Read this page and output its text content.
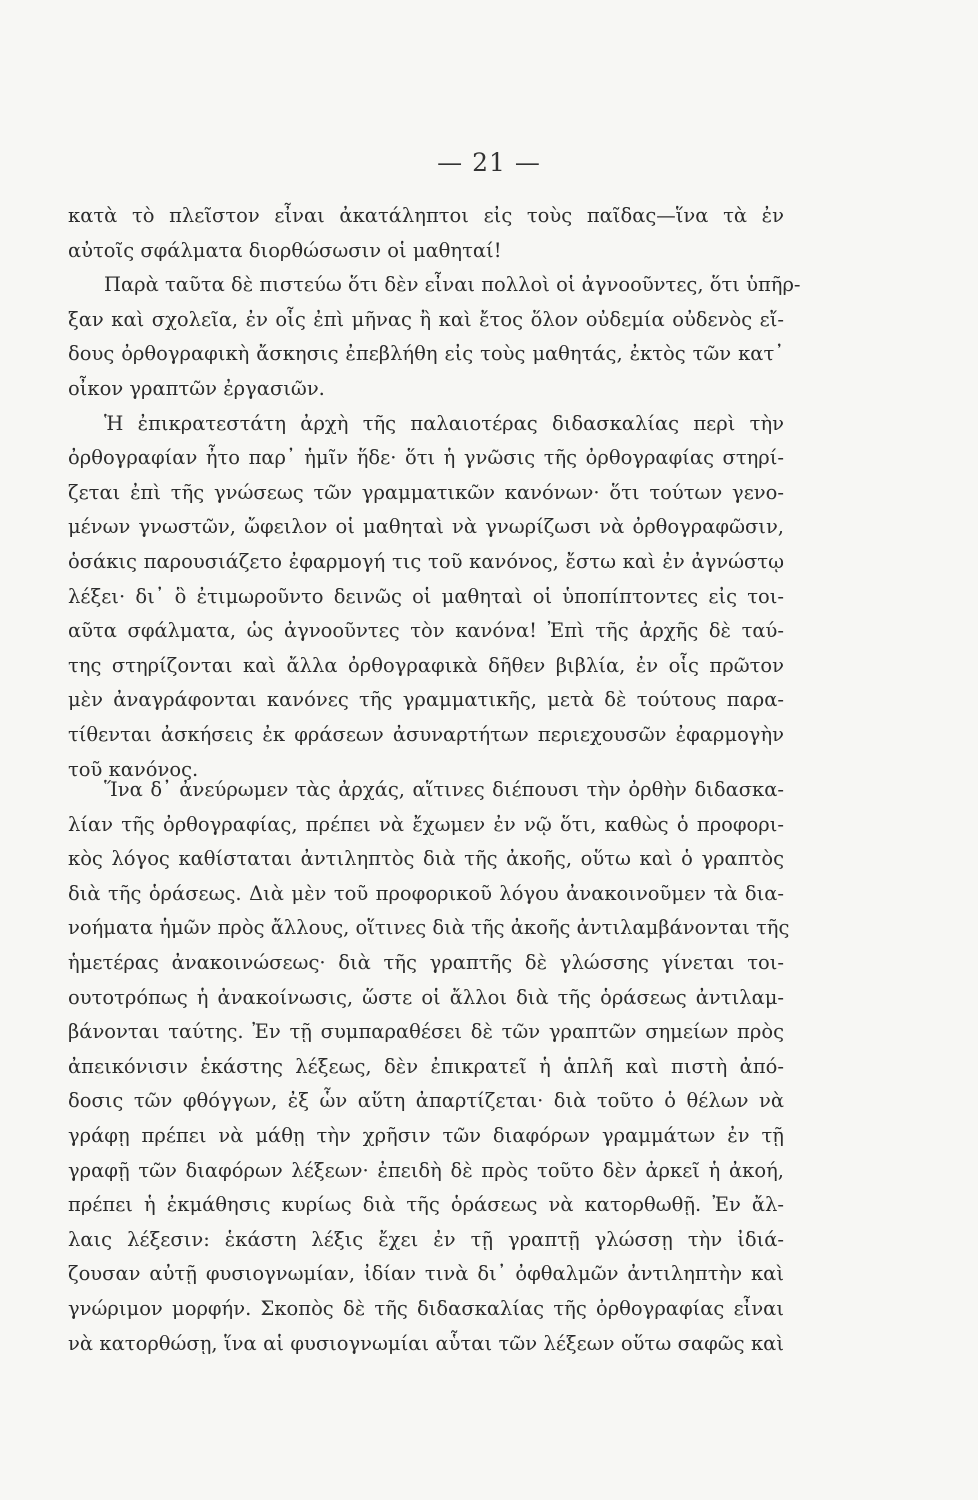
— 21 —
κατὰ τὸ πλεῖστον εἶναι ἀκατάληπτοι εἰς τοὺς παῖδας—ἵνα τὰ ἐν
αὐτοῖς σφάλματα διορθώσωσιν οἱ μαθηταί!
Παρὰ ταῦτα δὲ πιστεύω ὅτι δὲν εἶναι πολλοὶ οἱ ἀγνοοῦντες, ὅτι ὑπῆρ-
ξαν καὶ σχολεῖα, ἐν οἷς ἐπὶ μῆνας ἢ καὶ ἔτος ὅλον οὐδεμία οὐδενὸς εἴ-
δους ὀρθογραφικὴ ἄσκησις ἐπεβλήθη εἰς τοὺς μαθητάς, ἐκτὸς τῶν κατ᾽
οἶκον γραπτῶν ἐργασιῶν.
Ἡ ἐπικρατεστάτη ἀρχὴ τῆς παλαιοτέρας διδασκαλίας περὶ τὴν
ὀρθογραφίαν ἦτο παρ᾽ ἡμῖν ἥδε· ὅτι ἡ γνῶσις τῆς ὀρθογραφίας στηρί-
ζεται ἐπὶ τῆς γνώσεως τῶν γραμματικῶν κανόνων· ὅτι τούτων γενο-
μένων γνωστῶν, ὤφειλον οἱ μαθηταὶ νὰ γνωρίζωσι νὰ ὀρθογραφῶσιν,
ὁσάκις παρουσιάζετο ἐφαρμογή τις τοῦ κανόνος, ἔστω καὶ ἐν ἀγνώστῳ
λέξει· δι᾽ ὃ ἐτιμωροῦντο δεινῶς οἱ μαθηταὶ οἱ ὑποπίπτοντες εἰς τοι-
αῦτα σφάλματα, ὡς ἀγνοοῦντες τὸν κανόνα! Ἐπὶ τῆς ἀρχῆς δὲ ταύ-
της στηρίζονται καὶ ἄλλα ὀρθογραφικὰ δῆθεν βιβλία, ἐν οἷς πρῶτον
μὲν ἀναγράφονται κανόνες τῆς γραμματικῆς, μετὰ δὲ τούτους παρα-
τίθενται ἀσκήσεις ἐκ φράσεων ἀσυναρτήτων περιεχουσῶν ἐφαρμογὴν
τοῦ κανόνος.
Ἵνα δ᾽ ἀνεύρωμεν τὰς ἀρχάς, αἵτινες διέπουσι τὴν ὀρθὴν διδασκα-
λίαν τῆς ὀρθογραφίας, πρέπει νὰ ἔχωμεν ἐν νῷ ὅτι, καθὼς ὁ προφορι-
κὸς λόγος καθίσταται ἀντιληπτὸς διὰ τῆς ἀκοῆς, οὕτω καὶ ὁ γραπτὸς
διὰ τῆς ὁράσεως. Διὰ μὲν τοῦ προφορικοῦ λόγου ἀνακοινοῦμεν τὰ δια-
νοήματα ἡμῶν πρὸς ἄλλους, οἵτινες διὰ τῆς ἀκοῆς ἀντιλαμβάνονται τῆς
ἡμετέρας ἀνακοινώσεως· διὰ τῆς γραπτῆς δὲ γλώσσης γίνεται τοι-
ουτοτρόπως ἡ ἀνακοίνωσις, ὥστε οἱ ἄλλοι διὰ τῆς ὁράσεως ἀντιλαμ-
βάνονται ταύτης. Ἐν τῇ συμπαραθέσει δὲ τῶν γραπτῶν σημείων πρὸς
ἀπεικόνισιν ἑκάστης λέξεως, δὲν ἐπικρατεῖ ἡ ἁπλῆ καὶ πιστὴ ἀπό-
δοσις τῶν φθόγγων, ἐξ ὧν αὕτη ἀπαρτίζεται· διὰ τοῦτο ὁ θέλων νὰ
γράφῃ πρέπει νὰ μάθῃ τὴν χρῆσιν τῶν διαφόρων γραμμάτων ἐν τῇ
γραφῇ τῶν διαφόρων λέξεων· ἐπειδὴ δὲ πρὸς τοῦτο δὲν ἀρκεῖ ἡ ἀκοή,
πρέπει ἡ ἐκμάθησις κυρίως διὰ τῆς ὁράσεως νὰ κατορθωθῇ. Ἐν ἄλ-
λαις λέξεσιν: ἑκάστη λέξις ἔχει ἐν τῇ γραπτῇ γλώσσῃ τὴν ἰδιά-
ζουσαν αὐτῇ φυσιογνωμίαν, ἰδίαν τινὰ δι᾽ ὀφθαλμῶν ἀντιληπτὴν καὶ
γνώριμον μορφήν. Σκοπὸς δὲ τῆς διδασκαλίας τῆς ὀρθογραφίας εἶναι
νὰ κατορθώσῃ, ἵνα αἱ φυσιογνωμίαι αὗται τῶν λέξεων οὕτω σαφῶς καὶ
